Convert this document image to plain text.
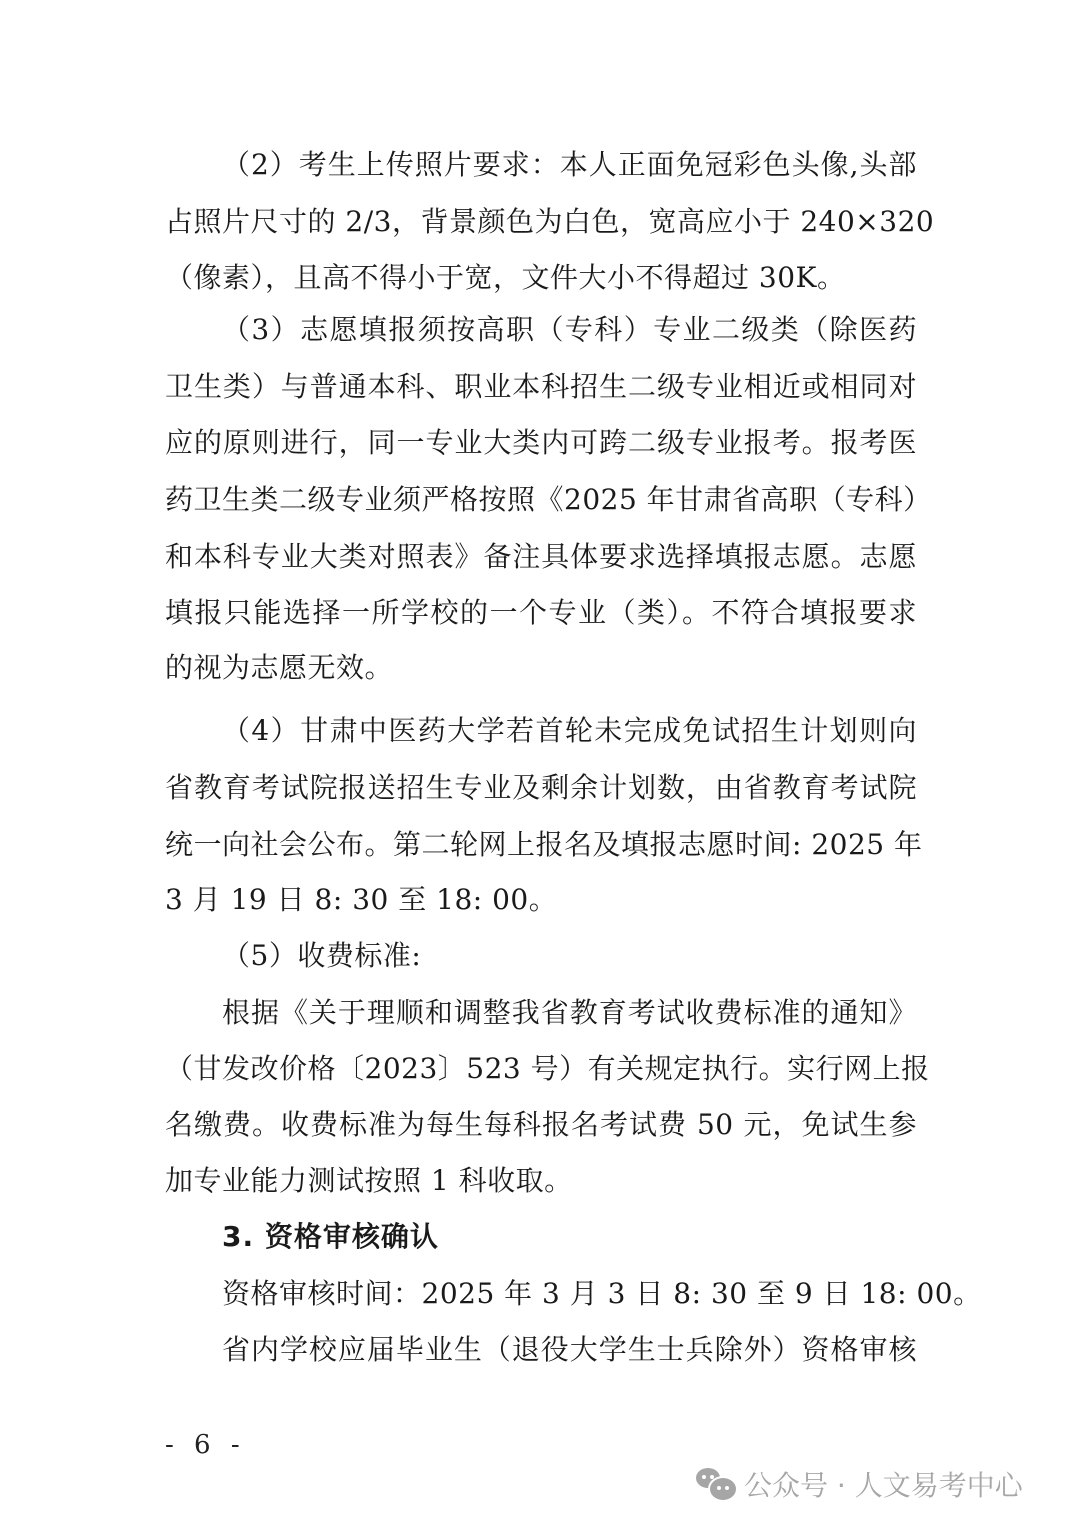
（2）考生上传照片要求：本人正面免冠彩色头像,头部
占照片尺寸的 2/3，背景颜色为白色，宽高应小于 240×320
（像素），且高不得小于宽，文件大小不得超过 30K。
（3）志愿填报须按高职（专科）专业二级类（除医药
卫生类）与普通本科、职业本科招生二级专业相近或相同对
应的原则进行，同一专业大类内可跨二级专业报考。报考医
药卫生类二级专业须严格按照《2025 年甘肃省高职（专科）
和本科专业大类对照表》备注具体要求选择填报志愿。志愿
填报只能选择一所学校的一个专业（类）。不符合填报要求
的视为志愿无效。
（4）甘肃中医药大学若首轮未完成免试招生计划则向
省教育考试院报送招生专业及剩余计划数，由省教育考试院
统一向社会公布。第二轮网上报名及填报志愿时间: 2025 年
3 月 19 日 8: 30 至 18: 00。
（5）收费标准:
根据《关于理顺和调整我省教育考试收费标准的通知》
（甘发改价格〔2023〕523 号）有关规定执行。实行网上报
名缴费。收费标准为每生每科报名考试费 50 元，免试生参
加专业能力测试按照 1 科收取。
3. 资格审核确认
资格审核时间：2025 年 3 月 3 日 8: 30 至 9 日 18: 00。
省内学校应届毕业生（退役大学生士兵除外）资格审核
- 6 -
公众号 · 人文易考中心
